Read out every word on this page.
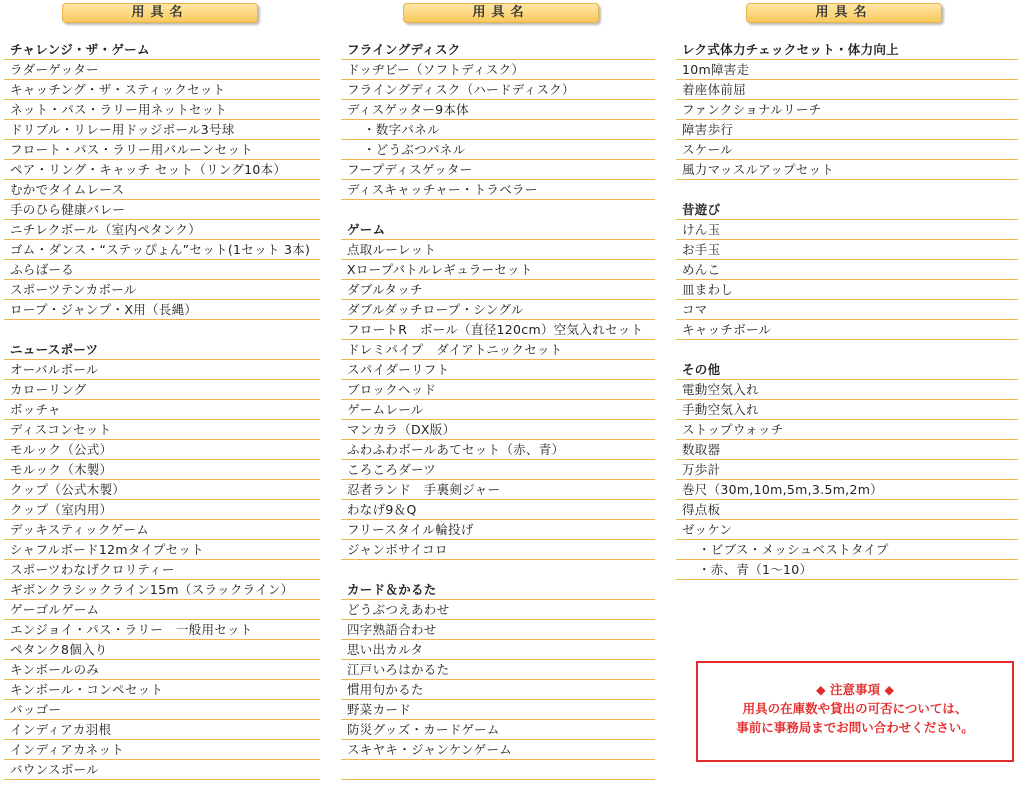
用具名
チャレンジ・ザ・ゲーム
ラダーゲッター
キャッチング・ザ・スティックセット
ネット・パス・ラリー用ネットセット
ドリブル・リレー用ドッジボール3号球
フロート・パス・ラリー用バルーンセット
ペア・リング・キャッチ セット（リング10本）
むかでタイムレース
手のひら健康バレー
ニチレクボール（室内ペタンク）
ゴム・ダンス・“ステッぴょん”セット(1セット 3本)
ふらばーる
スポーツテンカボール
ロープ・ジャンプ・X用（長縄）
ニュースポーツ
オーバルボール
カローリング
ボッチャ
ディスコンセット
モルック（公式）
モルック（木製）
クップ（公式木製）
クップ（室内用）
デッキスティックゲーム
シャフルボード12mタイプセット
スポーツわなげクロリティー
ギボンクラシックライン15m（スラックライン）
ゲーゴルゲーム
エンジョイ・パス・ラリー　一般用セット
ペタンク8個入り
キンボールのみ
キンボール・コンペセット
バッゴー
インディアカ羽根
インディアカネット
バウンスボール
用具名
フライングディスク
ドッヂビー（ソフトディスク）
フライングディスク（ハードディスク）
ディスゲッター9本体
・数字パネル
・どうぶつパネル
フープディスゲッター
ディスキャッチャー・トラベラー
ゲーム
点取ルーレット
Xロープバトルレギュラーセット
ダブルタッチ
ダブルダッチロープ・シングル
フロートR　ボール（直径120cm）空気入れセット
ドレミパイプ　ダイアトニックセット
スパイダーリフト
ブロックヘッド
ゲームレール
マンカラ（DX版）
ふわふわボールあてセット（赤、青）
ころころダーツ
忍者ランド　手裏剣ジャー
わなげ9＆Q
フリースタイル輪投げ
ジャンボサイコロ
カード＆かるた
どうぶつえあわせ
四字熟語合わせ
思い出カルタ
江戸いろはかるた
慣用句かるた
野菜カード
防災グッズ・カードゲーム
スキヤキ・ジャンケンゲーム
用具名
レク式体力チェックセット・体力向上
10m障害走
着座体前屈
ファンクショナルリーチ
障害歩行
スケール
風力マッスルアップセット
昔遊び
けん玉
お手玉
めんこ
皿まわし
コマ
キャッチボール
その他
電動空気入れ
手動空気入れ
ストップウォッチ
数取器
万歩計
巻尺（30m,10m,5m,3.5m,2m）
得点板
ゼッケン
・ビブス・メッシュベストタイプ
・赤、青（1〜10）
◆ 注意事項 ◆
用具の在庫数や貸出の可否については、
事前に事務局までお問い合わせください。
